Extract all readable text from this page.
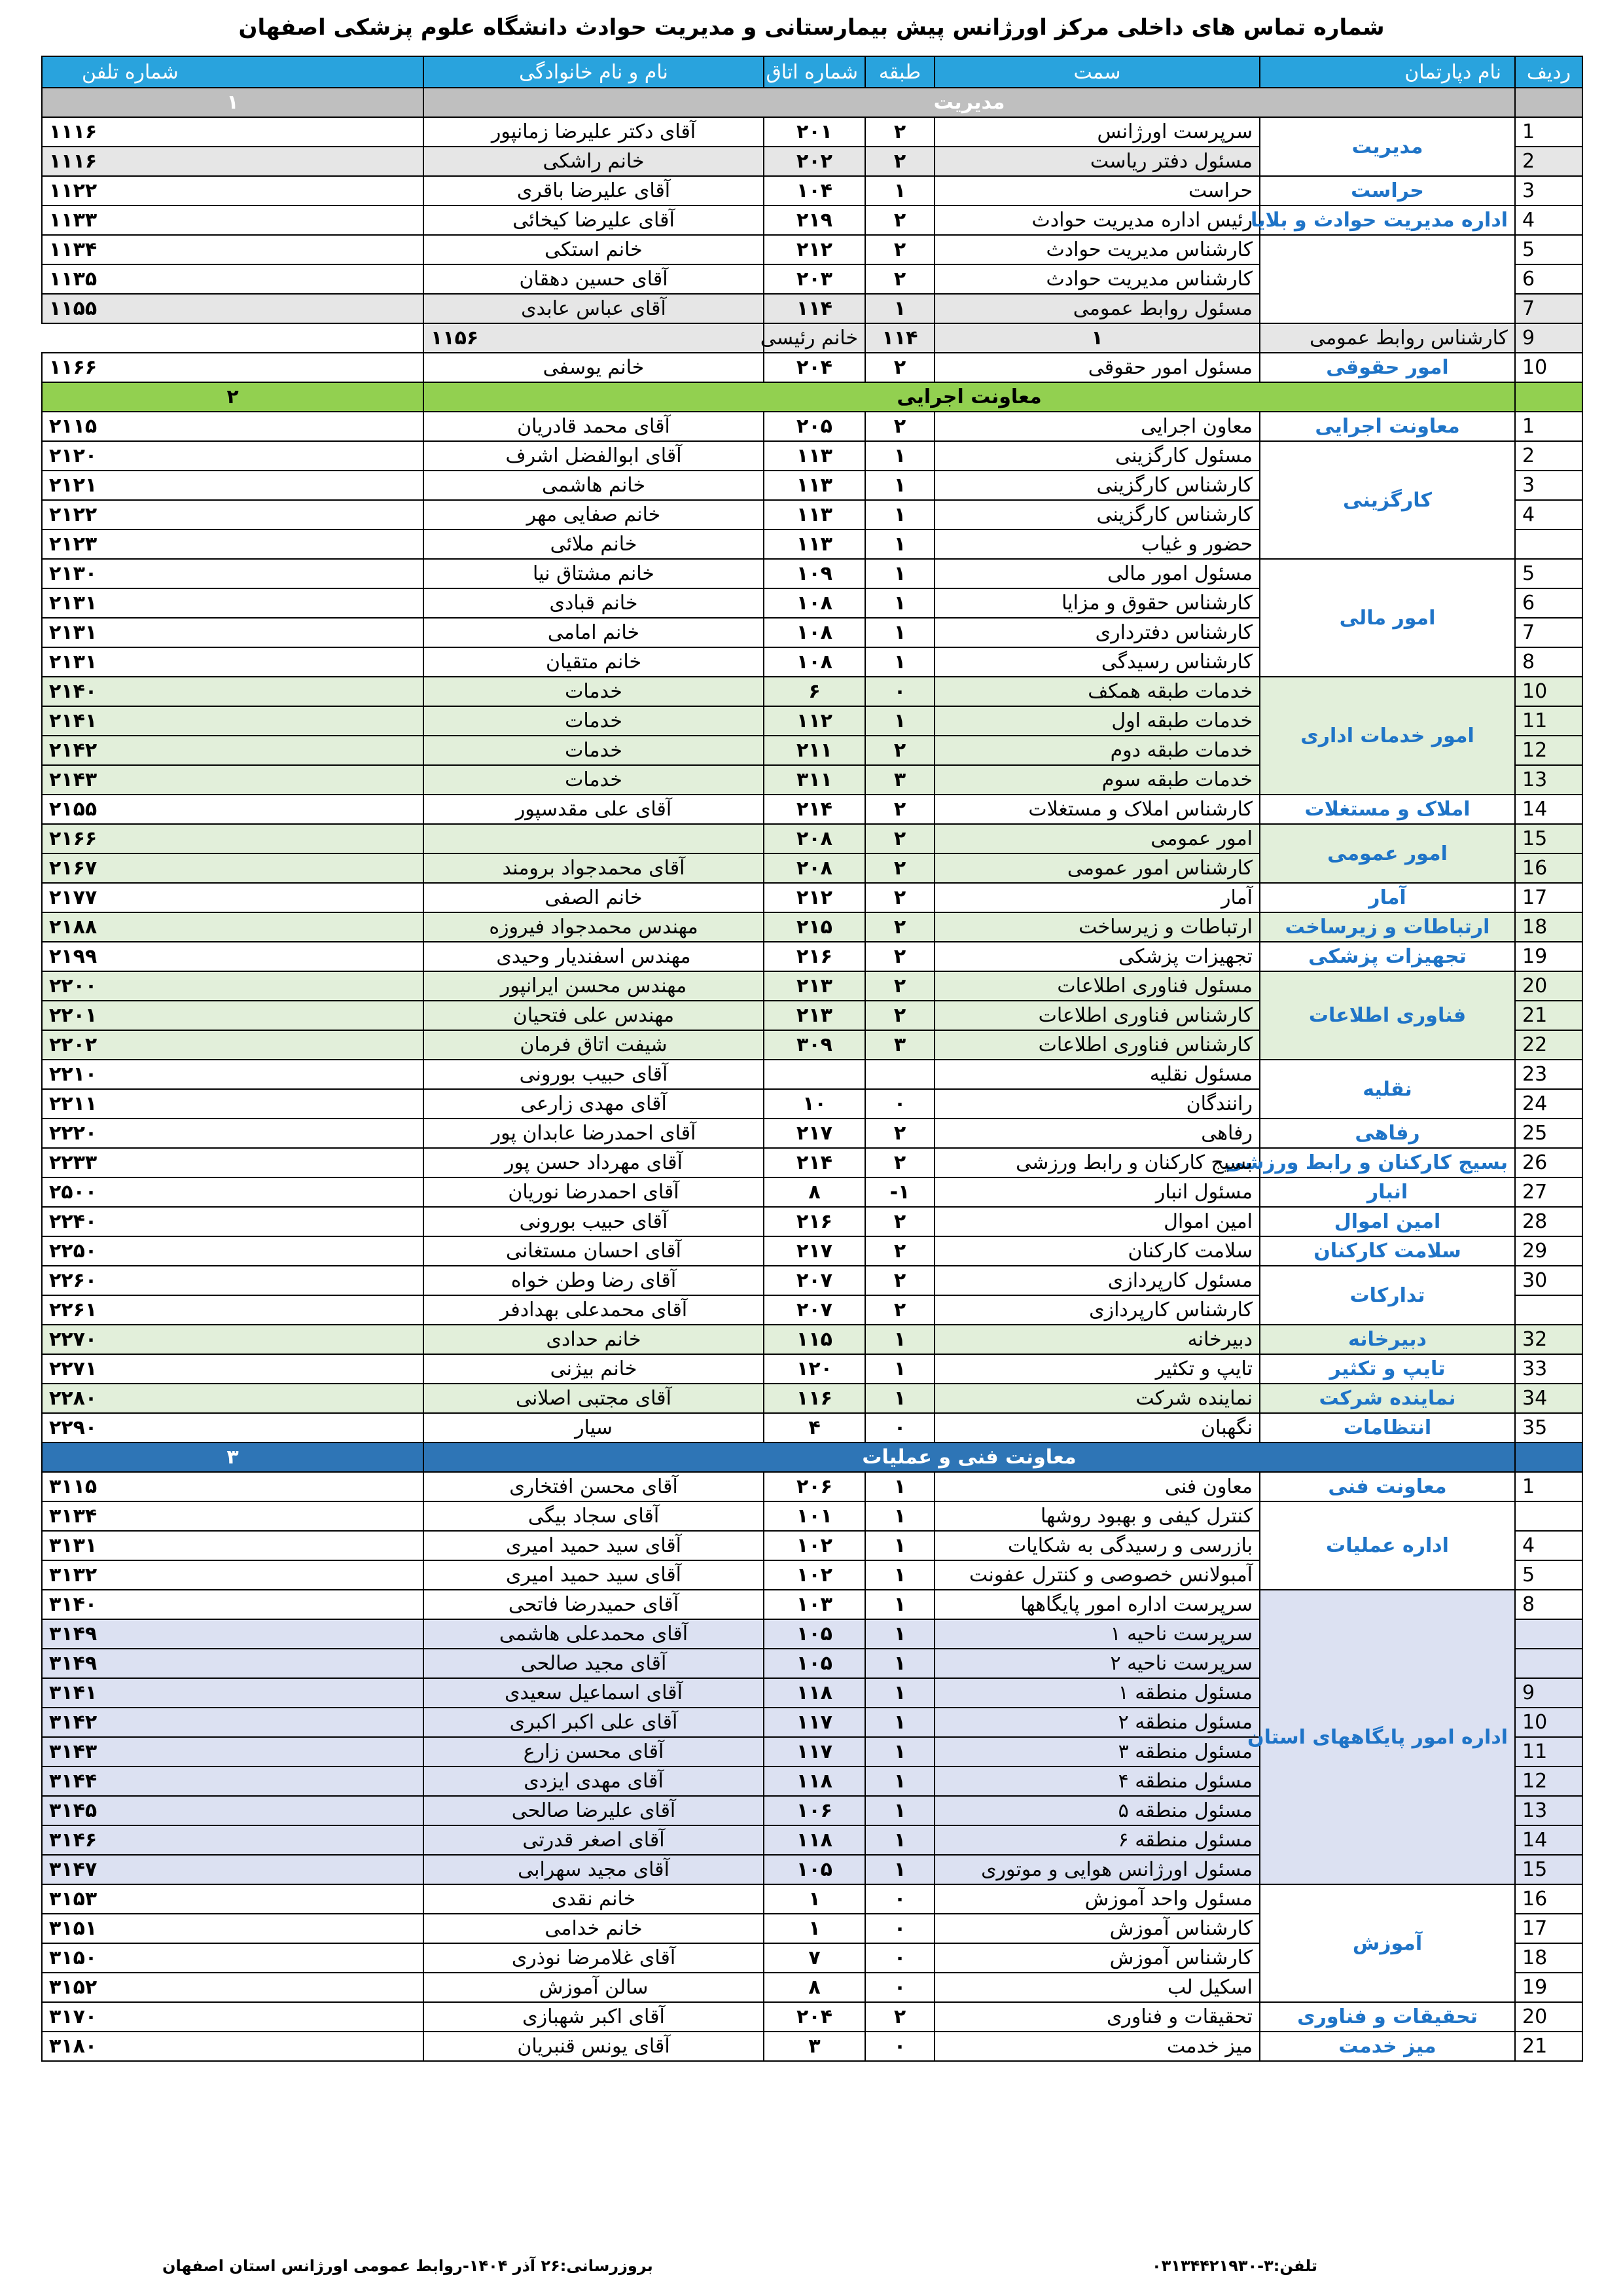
شماره تماس های داخلی مرکز اورژانس پیش بیمارستانی و مدیریت حوادث دانشگاه علوم پزشکی اصفهان
ردیف	نام دپارتمان	سمت	طبقه	شماره اتاق	نام و نام خانوادگی	شماره تلفن
	مدیریت					۱
1	مدیریت	سرپرست اورژانس	۲	۲۰۱	آقای دکتر علیرضا زمانپور	۱۱۱۶
2		مسئول دفتر ریاست	۲	۲۰۲	خانم راشکی	۱۱۱۶
3	حراست	حراست	۱	۱۰۴	آقای علیرضا باقری	۱۱۲۲
4	اداره مدیریت حوادث و بلایا	رئیس اداره مدیریت حوادث	۲	۲۱۹	آقای علیرضا کیخائی	۱۱۳۳
5		کارشناس مدیریت حوادث	۲	۲۱۲	خانم استکی	۱۱۳۴
6		کارشناس مدیریت حوادث	۲	۲۰۳	آقای حسین دهقان	۱۱۳۵
7		مسئول روابط عمومی	۱	۱۱۴	آقای عباس عابدی	۱۱۵۵
9	کارشناس روابط عمومی	۱	۱۱۴	خانم رئیسی	۱۱۵۶	
10	امور حقوقی	مسئول امور حقوقی	۲	۲۰۴	خانم یوسفی	۱۱۶۶
	معاونت اجرایی					۲
1	معاونت اجرایی	معاون اجرایی	۲	۲۰۵	آقای محمد قادریان	۲۱۱۵
2	کارگزینی	مسئول کارگزینی	۱	۱۱۳	آقای ابوالفضل اشرف	۲۱۲۰
3		کارشناس کارگزینی	۱	۱۱۳	خانم هاشمی	۲۱۲۱
4		کارشناس کارگزینی	۱	۱۱۳	خانم صفایی مهر	۲۱۲۲
		حضور و غیاب	۱	۱۱۳	خانم ملائی	۲۱۲۳
5	امور مالی	مسئول امور مالی	۱	۱۰۹	خانم مشتاق نیا	۲۱۳۰
6		کارشناس حقوق و مزایا	۱	۱۰۸	خانم قبادی	۲۱۳۱
7		کارشناس دفترداری	۱	۱۰۸	خانم امامی	۲۱۳۱
8		کارشناس رسیدگی	۱	۱۰۸	خانم متقیان	۲۱۳۱
10	امور خدمات اداری	خدمات طبقه همکف	۰	۶	خدمات	۲۱۴۰
11		خدمات طبقه اول	۱	۱۱۲	خدمات	۲۱۴۱
12		خدمات طبقه دوم	۲	۲۱۱	خدمات	۲۱۴۲
13		خدمات طبقه سوم	۳	۳۱۱	خدمات	۲۱۴۳
14	املاک و مستغلات	کارشناس املاک و مستغلات	۲	۲۱۴	آقای علی مقدسپور	۲۱۵۵
15	امور عمومی	امور عمومی	۲	۲۰۸		۲۱۶۶
16		کارشناس امور عمومی	۲	۲۰۸	آقای محمدجواد برومند	۲۱۶۷
17	آمار	آمار	۲	۲۱۲	خانم الصفی	۲۱۷۷
18	ارتباطات و زیرساخت	ارتباطات و زیرساخت	۲	۲۱۵	مهندس محمدجواد فیروزه	۲۱۸۸
19	تجهیزات پزشکی	تجهیزات پزشکی	۲	۲۱۶	مهندس اسفندیار وحیدی	۲۱۹۹
20	فناوری اطلاعات	مسئول فناوری اطلاعات	۲	۲۱۳	مهندس محسن ایرانپور	۲۲۰۰
21		کارشناس فناوری اطلاعات	۲	۲۱۳	مهندس علی فتحیان	۲۲۰۱
22		کارشناس فناوری اطلاعات	۳	۳۰۹	شیفت اتاق فرمان	۲۲۰۲
23	نقلیه	مسئول نقلیه			آقای حبیب بورونی	۲۲۱۰
24		رانندگان	۰	۱۰	آقای مهدی زارعی	۲۲۱۱
25	رفاهی	رفاهی	۲	۲۱۷	آقای احمدرضا عابدان پور	۲۲۲۰
26	بسیج کارکنان و رابط ورزشی	بسیج کارکنان و رابط ورزشی	۲	۲۱۴	آقای مهرداد حسن پور	۲۲۳۳
27	انبار	مسئول انبار	۱-	۸	آقای احمدرضا نوریان	۲۵۰۰
28	امین اموال	امین اموال	۲	۲۱۶	آقای حبیب بورونی	۲۲۴۰
29	سلامت کارکنان	سلامت کارکنان	۲	۲۱۷	آقای احسان مستغانی	۲۲۵۰
30	تدارکات	مسئول کارپردازی	۲	۲۰۷	آقای رضا وطن خواه	۲۲۶۰
		کارشناس کارپردازی	۲	۲۰۷	آقای محمدعلی بهدادفر	۲۲۶۱
32	دبیرخانه	دبیرخانه	۱	۱۱۵	خانم حدادی	۲۲۷۰
33	تایپ و تکثیر	تایپ و تکثیر	۱	۱۲۰	خانم بیژنی	۲۲۷۱
34	نماینده شرکت	نماینده شرکت	۱	۱۱۶	آقای مجتبی اصلانی	۲۲۸۰
35	انتظامات	نگهبان	۰	۴	سیار	۲۲۹۰
	معاونت فنی و عملیات					۳
1	معاونت فنی	معاون فنی	۱	۲۰۶	آقای محسن افتخاری	۳۱۱۵
	اداره عملیات	کنترل کیفی و بهبود روشها	۱	۱۰۱	آقای سجاد بیگی	۳۱۳۴
4		بازرسی و رسیدگی به شکایات	۱	۱۰۲	آقای سید حمید امیری	۳۱۳۱
5		آمبولانس خصوصی و کنترل عفونت	۱	۱۰۲	آقای سید حمید امیری	۳۱۳۲
8	اداره امور پایگاههای استان	سرپرست اداره امور پایگاهها	۱	۱۰۳	آقای حمیدرضا فاتحی	۳۱۴۰
		سرپرست ناحیه ۱	۱	۱۰۵	آقای محمدعلی هاشمی	۳۱۴۹
		سرپرست ناحیه ۲	۱	۱۰۵	آقای مجید صالحی	۳۱۴۹
9		مسئول منطقه ۱	۱	۱۱۸	آقای اسماعیل سعیدی	۳۱۴۱
10		مسئول منطقه ۲	۱	۱۱۷	آقای علی اکبر اکبری	۳۱۴۲
11		مسئول منطقه ۳	۱	۱۱۷	آقای محسن زارع	۳۱۴۳
12		مسئول منطقه ۴	۱	۱۱۸	آقای مهدی ایزدی	۳۱۴۴
13		مسئول منطقه ۵	۱	۱۰۶	آقای علیرضا صالحی	۳۱۴۵
14		مسئول منطقه ۶	۱	۱۱۸	آقای اصغر قدرتی	۳۱۴۶
15		مسئول اورژانس هوایی و موتوری	۱	۱۰۵	آقای مجید سهرابی	۳۱۴۷
16	آموزش	مسئول واحد آموزش	۰	۱	خانم نقدی	۳۱۵۳
17		کارشناس آموزش	۰	۱	خانم خدامی	۳۱۵۱
18		کارشناس آموزش	۰	۷	آقای غلامرضا نوذری	۳۱۵۰
19		اسکیل لب	۰	۸	سالن آموزش	۳۱۵۲
20	تحقیقات و فناوری	تحقیقات و فناوری	۲	۲۰۴	آقای اکبر شهبازی	۳۱۷۰
21	میز خدمت	میز خدمت	۰	۳	آقای یونس قنبریان	۳۱۸۰
بروزرسانی:۲۶ آذر ۱۴۰۴-روابط عمومی اورژانس استان اصفهان	تلفن:۳-۰۳۱۳۴۴۲۱۹۳۰
